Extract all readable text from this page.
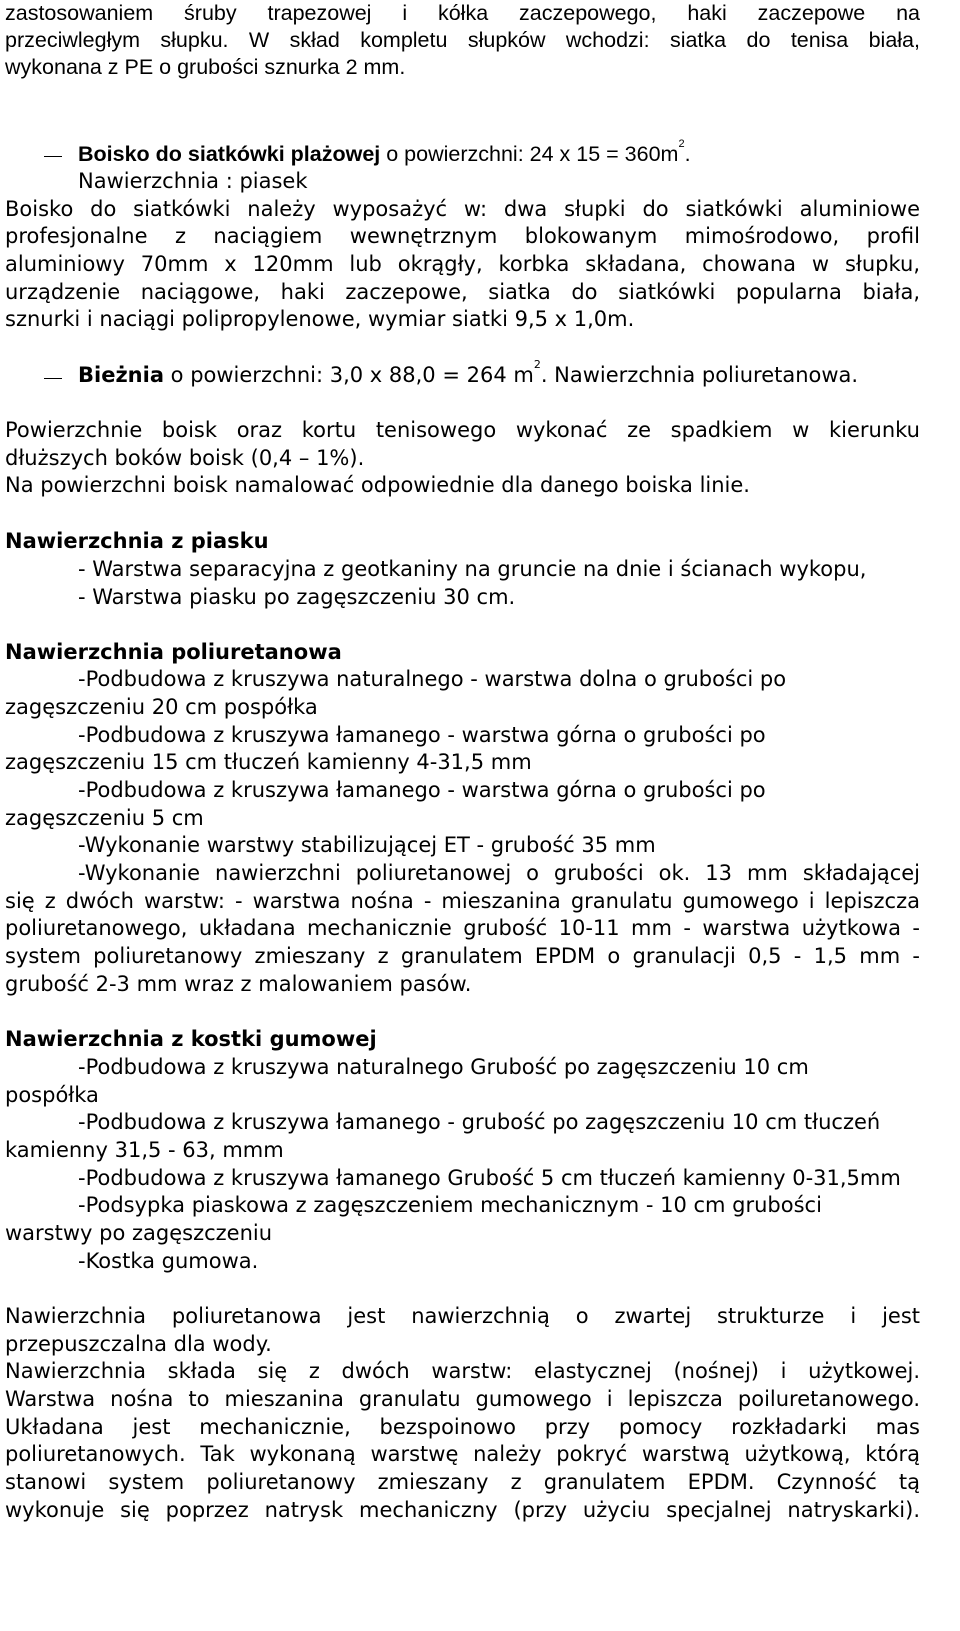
zastosowaniem śruby trapezowej i kółka zaczepowego, haki zaczepowe na
przeciwległym słupku. W skład kompletu słupków wchodzi: siatka do tenisa biała,
wykonana z PE o grubości sznurka 2 mm.
Boisko do siatkówki plażowej o powierzchni: 24 x $15 = 360m^2$.
Nawierzchnia : piasek
Boisko do siatkówki należy wyposażyć w: dwa słupki do siatkówki aluminiowe
profesjonalne z naciągiem wewnętrznym blokowanym mimośrodowo, profil
aluminiowy 70mm x 120mm lub okrągły, korbka składana, chowana w słupku,
urządzenie naciągowe, haki zaczepowe, siatka do siatkówki popularna biała,
sznurki i naciągi polipropylenowe, wymiar siatki 9,5 x 1,0m.
Bieżnia o powierzchni: 3,0 x 88,0 = 264 $m^2$. Nawierzchnia poliuretanowa.
Powierzchnie boisk oraz kortu tenisowego wykonać ze spadkiem w kierunku
dłuższych boków boisk (0,4 – 1%).
Na powierzchni boisk namalować odpowiednie dla danego boiska linie.
Nawierzchnia z piasku
- Warstwa separacyjna z geotkaniny na gruncie na dnie i ścianach wykopu,
- Warstwa piasku po zagęszczeniu 30 cm.
Nawierzchnia poliuretanowa
-Podbudowa z kruszywa naturalnego - warstwa dolna o grubości po
zagęszczeniu 20 cm pospółka
-Podbudowa z kruszywa łamanego - warstwa górna o grubości po
zagęszczeniu 15 cm tłuczeń kamienny 4-31,5 mm
-Podbudowa z kruszywa łamanego - warstwa górna o grubości po
zagęszczeniu 5 cm
-Wykonanie warstwy stabilizującej ET - grubość 35 mm
-Wykonanie nawierzchni poliuretanowej o grubości ok. 13 mm składającej
się z dwóch warstw: - warstwa nośna - mieszanina granulatu gumowego i lepiszcza
poliuretanowego, układana mechanicznie grubość 10-11 mm - warstwa użytkowa -
system poliuretanowy zmieszany z granulatem EPDM o granulacji 0,5 - 1,5 mm -
grubość 2-3 mm wraz z malowaniem pasów.
Nawierzchnia z kostki gumowej
-Podbudowa z kruszywa naturalnego Grubość po zagęszczeniu 10 cm
pospółka
-Podbudowa z kruszywa łamanego - grubość po zagęszczeniu 10 cm tłuczeń
kamienny 31,5 - 63, mmm
-Podbudowa z kruszywa łamanego Grubość 5 cm tłuczeń kamienny 0-31,5mm
-Podsypka piaskowa z zagęszczeniem mechanicznym - 10 cm grubości
warstwy po zagęszczeniu
-Kostka gumowa.
Nawierzchnia poliuretanowa jest nawierzchnią o zwartej strukturze i jest
przepuszczalna dla wody.
Nawierzchnia składa się z dwóch warstw: elastycznej (nośnej) i użytkowej.
Warstwa nośna to mieszanina granulatu gumowego i lepiszcza poiluretanowego.
Układana jest mechanicznie, bezspoinowo przy pomocy rozkładarki mas
poliuretanowych. Tak wykonaną warstwę należy pokryć warstwą użytkową, którą
stanowi system poliuretanowy zmieszany z granulatem EPDM. Czynność tą
wykonuje się poprzez natrysk mechaniczny (przy użyciu specjalnej natryskarki).
